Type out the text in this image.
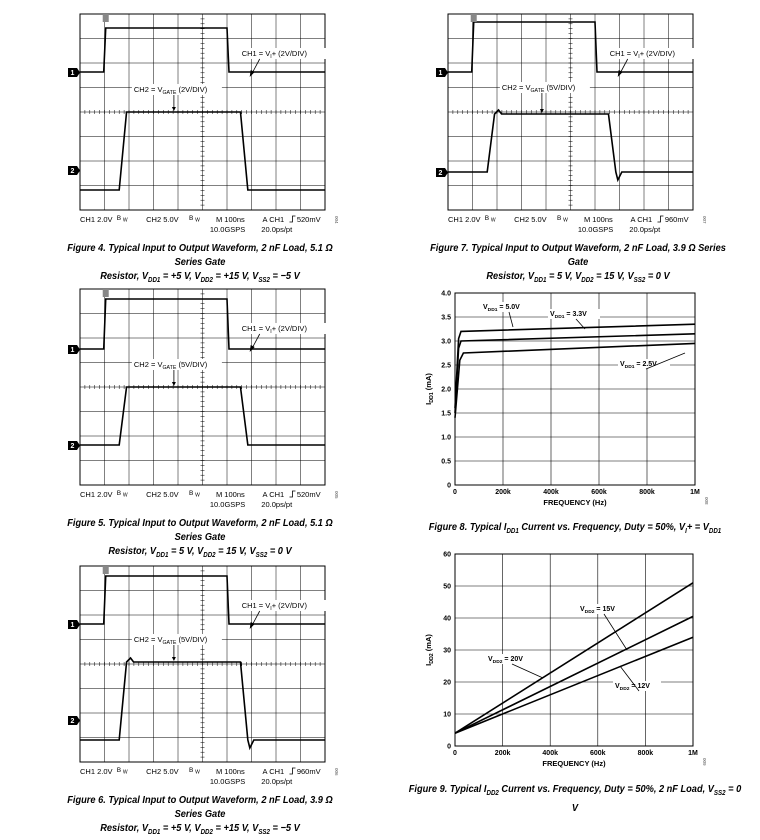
1
2
$CH1 = V_I+ (2V/DIV)$
$CH2 = V_{GATE}$ (2V/DIV)
CH1 2.0V B W CH2 5.0V B W M 100ns A CH1 520mV
10.0GSPS 20.0ps/pt
004
Figure 4. Typical Input to Output Waveform, 2 nF Load, 5.1 Ω Series Gate
Resistor, $V_{DD1} = +5$ V, $V_{DD2} = +15$ V, $V_{SS2} = -5$ V
1
2
$CH1 = V_I+ (2V/DIV)$
$CH2 = V_{GATE}$ (5V/DIV)
CH1 2.0V B W CH2 5.0V B W M 100ns A CH1 520mV
10.0GSPS 20.0ps/pt
005
Figure 5. Typical Input to Output Waveform, 2 nF Load, 5.1 Ω Series Gate
Resistor, $V_{DD1} = 5$ V, $V_{DD2} = 15$ V, $V_{SS2} = 0$ V
1
2
$CH1 = V_I+ (2V/DIV)$
$CH2 = V_{GATE}$ (5V/DIV)
CH1 2.0V B W CH2 5.0V B W M 100ns A CH1 960mV
10.0GSPS 20.0ps/pt
006
Figure 6. Typical Input to Output Waveform, 2 nF Load, 3.9 Ω Series Gate
Resistor, $V_{DD1} = +5$ V, $V_{DD2} = +15$ V, $V_{SS2} = -5$ V
1
2
$CH1 = V_I+ (2V/DIV)$
$CH2 = V_{GATE}$ (5V/DIV)
CH1 2.0V B W CH2 5.0V B W M 100ns A CH1 960mV
10.0GSPS 20.0ps/pt
007
Figure 7. Typical Input to Output Waveform, 2 nF Load, 3.9 Ω Series Gate
Resistor, $V_{DD1} = 5$ V, $V_{DD2} = 15$ V, $V_{SS2} = 0$ V
0	200k	400k	600k	800k	1M
0
0.5
1.0
1.5
2.0
2.5
3.0
3.5
4.0
FREQUENCY (Hz)
$I_{DD1}$ (mA)
$V_{DD1} = 5.0V$
$V_{DD1} = 3.3V$
$V_{DD1} = 2.5V$
008
Figure 8. Typical $I_{DD1}$ Current vs. Frequency, Duty = 50%, $V_I+ = V_{DD1}$
0	200k	400k	600k	800k	1M
0
10
20
30
40
50
60
FREQUENCY (Hz)
$I_{DD2}$ (mA)
$V_{DD2} = 15V$
$V_{DD2} = 20V$
$V_{DD2} = 12V$
009
Figure 9. Typical $I_{DD2}$ Current vs. Frequency, Duty = 50%, 2 nF Load, $V_{SS2} = 0$
V
